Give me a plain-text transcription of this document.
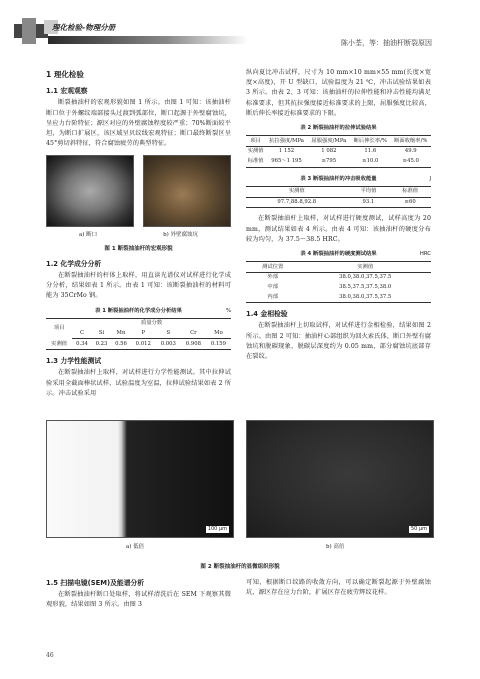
理化检验-物理分册
陈小荃，等：抽油杆断裂原因
1 理化检验
1.1 宏观观察

断裂抽油杆的宏观形貌如图 1 所示。由图 1 可知：该抽油杆断口位于外螺纹端部接头过渡到弧部位，断口起源于外壁腐蚀坑，呈应力台阶特征；源区对应的外壁腐蚀程度较严重；70%断面较平坦，为断口扩展区，该区域呈贝纹线宏观特征；断口最终断裂区呈 45°剪切斜特征，符合腐蚀疲劳的典型特征。

a) 断口	b) 外壁腐蚀坑
图 1 断裂抽油杆的宏观形貌
1.2 化学成分分析

在断裂抽油杆的杆体上取样，用直读光谱仪对试样进行化学成分分析，结果如表 1 所示。由表 1 可知：该断裂抽油杆的材料可能为 35CrMo 钢。

表 1 断裂抽油杆的化学成分分析结果	%
项目	质量分数						
	C	Si	Mn	P	S	Cr	Mo
实测值	0.34	0.23	0.56	0.012	0.003	0.908	0.159
1.3 力学性能测试

在断裂抽油杆上取样，对试样进行力学性能测试。其中拉伸试验采用全截面棒状试样，试验温度为室温，拉伸试验结果如表 2 所示。冲击试验采用

纵向夏比冲击试样，尺寸为 10 mm×10 mm×55 mm(长度×宽度×高度)，开 U 型缺口，试验温度为 21 ℃，冲击试验结果如表 3 所示。由表 2、3 可知：该抽油杆的拉伸性能和冲击性能均满足标准要求，但其抗拉强度接近标准要求的上限，屈服强度比较高，断后伸长率接近标准要求的下限。

表 2 断裂抽油杆的拉伸试验结果
项目	抗拉强度/MPa	屈服强度/MPa	断后伸长率/%	断面收缩率/%
实测值	1 152	1 082	11.6	49.9
标准值	965～1 195	≥795	≥10.0	≥45.0
表 3 断裂抽油杆的冲击吸收能量	J
实测值	平均值	标准值
97.7,88.8,92.8	93.1	≥60

在断裂抽油杆上取样，对试样进行硬度测试，试样高度为 20 mm，测试结果如表 4 所示。由表 4 可知：该抽油杆的硬度分布较为均匀，为 37.5～38.5 HRC。

表 4 断裂抽油杆的硬度测试结果	HRC
测试位置	实测值
外部	38.0,38.0,37.5,37.5
中部	38.5,37.5,37.5,38.0
内部	38.0,38.0,37.5,37.5
1.4 金相检验

在断裂抽油杆上切取试样，对试样进行金相检验，结果如图 2 所示。由图 2 可知：抽油杆心部组织为回火索氏体，断口外壁有腐蚀坑和脱碳现象，脱碳层深度约为 0.05 mm，部分腐蚀坑底部存在裂纹。

100 μm	50 μm
a) 低倍	b) 高倍
图 2 断裂抽油杆的显微组织形貌
1.5 扫描电镜(SEM)及能谱分析

在断裂抽油杆断口处取样，将试样清洗后在 SEM 下观察其微观形貌，结果如图 3 所示。由图 3

可知，根据断口纹路的收敛方向，可以确定断裂起源于外壁腐蚀坑，源区存在应力台阶，扩展区存在疲劳辉纹花样。

46
